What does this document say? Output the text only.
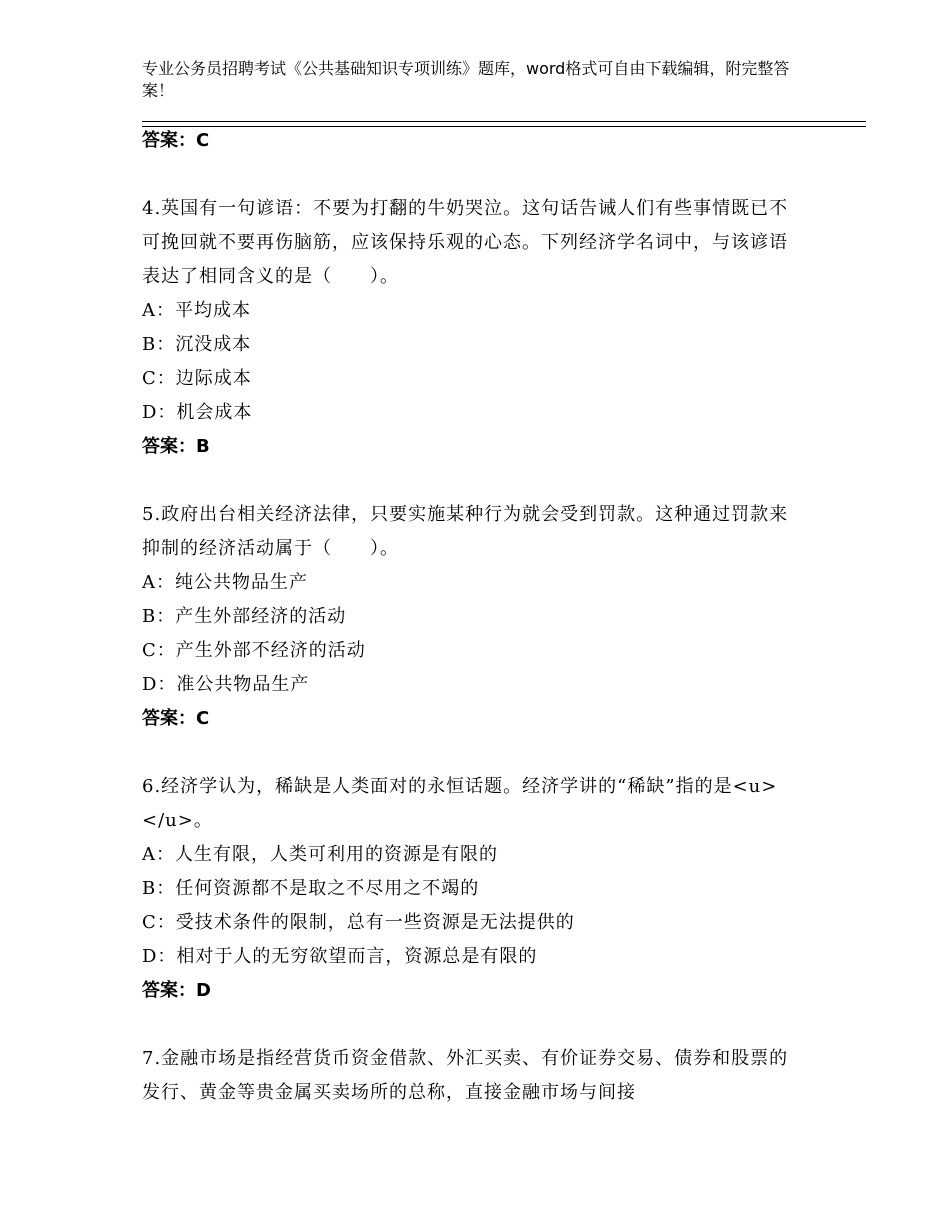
专业公务员招聘考试《公共基础知识专项训练》题库，word格式可自由下载编辑，附完整答案！
答案：C
4.英国有一句谚语：不要为打翻的牛奶哭泣。这句话告诫人们有些事情既已不可挽回就不要再伤脑筋，应该保持乐观的心态。下列经济学名词中，与该谚语表达了相同含义的是（　　）。
A：平均成本
B：沉没成本
C：边际成本
D：机会成本
答案：B
5.政府出台相关经济法律，只要实施某种行为就会受到罚款。这种通过罚款来抑制的经济活动属于（　　）。
A：纯公共物品生产
B：产生外部经济的活动
C：产生外部不经济的活动
D：准公共物品生产
答案：C
6.经济学认为，稀缺是人类面对的永恒话题。经济学讲的“稀缺”指的是<u>　　</u>。
A：人生有限，人类可利用的资源是有限的
B：任何资源都不是取之不尽用之不竭的
C：受技术条件的限制，总有一些资源是无法提供的
D：相对于人的无穷欲望而言，资源总是有限的
答案：D
7.金融市场是指经营货币资金借款、外汇买卖、有价证券交易、债券和股票的发行、黄金等贵金属买卖场所的总称，直接金融市场与间接
